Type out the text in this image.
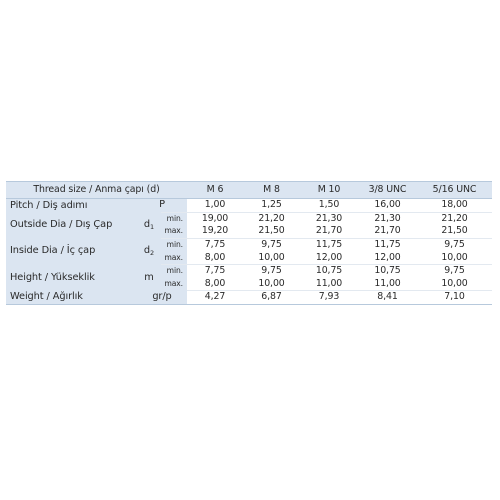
Thread size / Anma çapı (d)			M 6	M 8	M 10	3/8 UNC	5/16 UNC
Pitch / Diş adımı	P		1,00	1,25	1,50	16,00	18,00
Outside Dia / Dış Çap	$d_1$	min.	19,00	21,20	21,30	21,30	21,20
		max.	19,20	21,50	21,70	21,70	21,50
Inside Dia / İç çap	$d_2$	min.	7,75	9,75	11,75	11,75	9,75
		max.	8,00	10,00	12,00	12,00	10,00
Height / Yükseklik	m	min.	7,75	9,75	10,75	10,75	9,75
		max.	8,00	10,00	11,00	11,00	10,00
Weight / Ağırlık	gr/p		4,27	6,87	7,93	8,41	7,10
